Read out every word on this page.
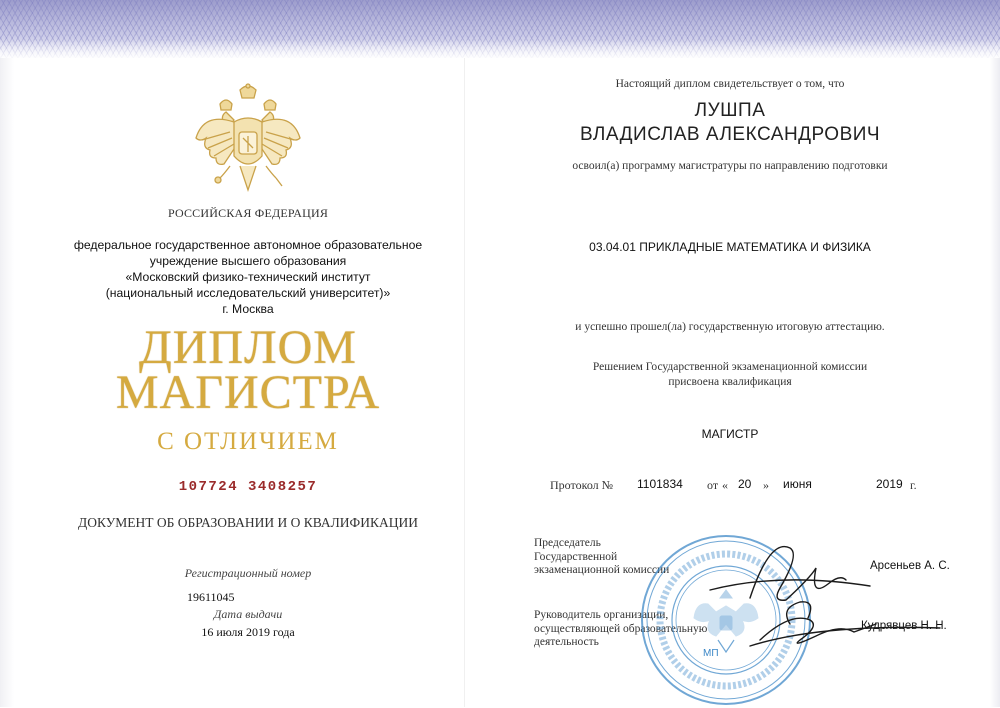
РОССИЙСКАЯ ФЕДЕРАЦИЯ
федеральное государственное автономное образовательное
учреждение высшего образования
«Московский физико-технический институт
(национальный исследовательский университет)»
г. Москва
ДИПЛОМ
МАГИСТРА
С ОТЛИЧИЕМ
107724 3408257
ДОКУМЕНТ ОБ ОБРАЗОВАНИИ И О КВАЛИФИКАЦИИ
Регистрационный номер
19611045
Дата выдачи
16 июля 2019 года
Настоящий диплом свидетельствует о том, что
ЛУШПА
ВЛАДИСЛАВ АЛЕКСАНДРОВИЧ
освоил(а) программу магистратуры по направлению подготовки
03.04.01 ПРИКЛАДНЫЕ МАТЕМАТИКА И ФИЗИКА
и успешно прошел(ла) государственную итоговую аттестацию.
Решением Государственной экзаменационной комиссии
присвоена квалификация
МАГИСТР
Протокол № 1101834 от « 20 » июня	2019 г.
Председатель
Государственной
экзаменационной комиссии	Арсеньев А. С.
Руководитель организации,
осуществляющей образовательную
деятельность
Кудрявцев Н. Н.
МП
